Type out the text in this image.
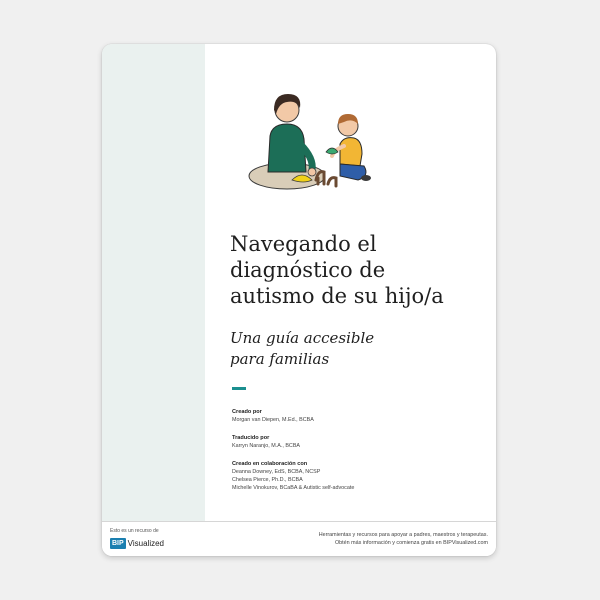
Navegando el
diagnóstico de
autismo de su hijo/a
Una guía accesible
para familias
Creado por
Morgan van Diepen, M.Ed., BCBA
Traducido por
Karryn Naranjo, M.A., BCBA
Creado en colaboración con
Deanna Downey, EdS, BCBA, NCSP
Chelsea Pierce, Ph.D., BCBA
Michelle Vinokurov, BCaBA & Autistic self-advocate
Esto es un recurso de
BIP Visualized
Herramientas y recursos para apoyar a padres, maestros y terapeutas.
Obtén más información y comienza gratis en BIPVisualized.com
